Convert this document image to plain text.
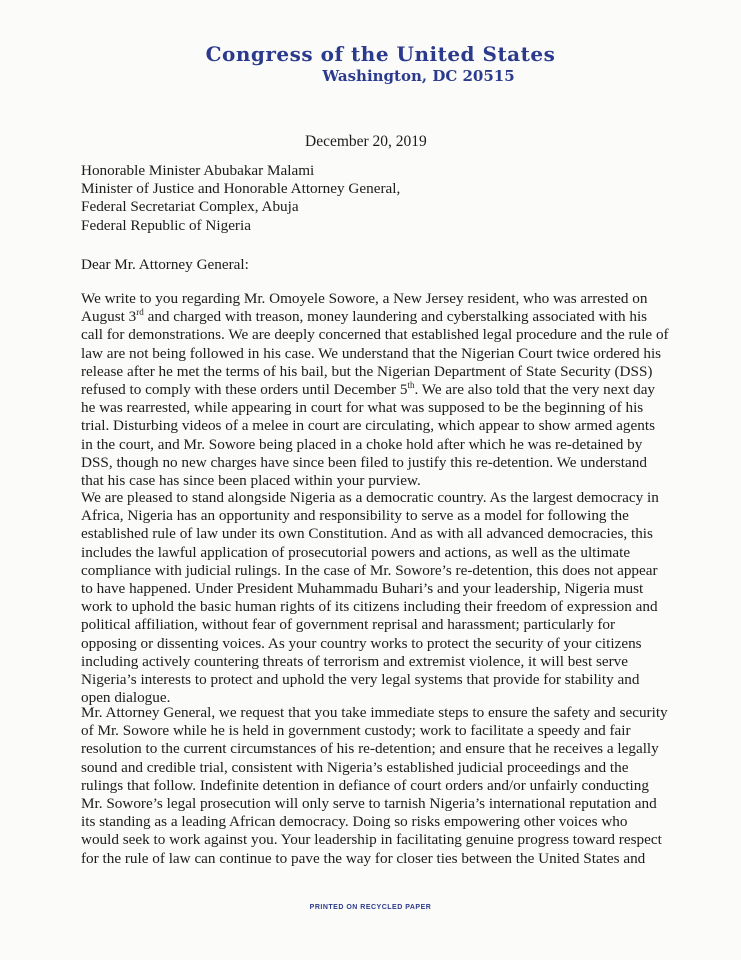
Congress of the United States
Washington, DC 20515
December 20, 2019
Honorable Minister Abubakar Malami
Minister of Justice and Honorable Attorney General,
Federal Secretariat Complex, Abuja
Federal Republic of Nigeria
Dear Mr. Attorney General:

We write to you regarding Mr. Omoyele Sowore, a New Jersey resident, who was arrested on

August 3rd and charged with treason, money laundering and cyberstalking associated with his

call for demonstrations. We are deeply concerned that established legal procedure and the rule of

law are not being followed in his case. We understand that the Nigerian Court twice ordered his

release after he met the terms of his bail, but the Nigerian Department of State Security (DSS)

refused to comply with these orders until December 5th. We are also told that the very next day

he was rearrested, while appearing in court for what was supposed to be the beginning of his

trial. Disturbing videos of a melee in court are circulating, which appear to show armed agents

in the court, and Mr. Sowore being placed in a choke hold after which he was re-detained by

DSS, though no new charges have since been filed to justify this re-detention. We understand

that his case has since been placed within your purview.

We are pleased to stand alongside Nigeria as a democratic country. As the largest democracy in

Africa, Nigeria has an opportunity and responsibility to serve as a model for following the

established rule of law under its own Constitution. And as with all advanced democracies, this

includes the lawful application of prosecutorial powers and actions, as well as the ultimate

compliance with judicial rulings. In the case of Mr. Sowore’s re-detention, this does not appear

to have happened. Under President Muhammadu Buhari’s and your leadership, Nigeria must

work to uphold the basic human rights of its citizens including their freedom of expression and

political affiliation, without fear of government reprisal and harassment; particularly for

opposing or dissenting voices. As your country works to protect the security of your citizens

including actively countering threats of terrorism and extremist violence, it will best serve

Nigeria’s interests to protect and uphold the very legal systems that provide for stability and

open dialogue.

Mr. Attorney General, we request that you take immediate steps to ensure the safety and security

of Mr. Sowore while he is held in government custody; work to facilitate a speedy and fair

resolution to the current circumstances of his re-detention; and ensure that he receives a legally

sound and credible trial, consistent with Nigeria’s established judicial proceedings and the

rulings that follow. Indefinite detention in defiance of court orders and/or unfairly conducting

Mr. Sowore’s legal prosecution will only serve to tarnish Nigeria’s international reputation and

its standing as a leading African democracy. Doing so risks empowering other voices who

would seek to work against you. Your leadership in facilitating genuine progress toward respect

for the rule of law can continue to pave the way for closer ties between the United States and

PRINTED ON RECYCLED PAPER
